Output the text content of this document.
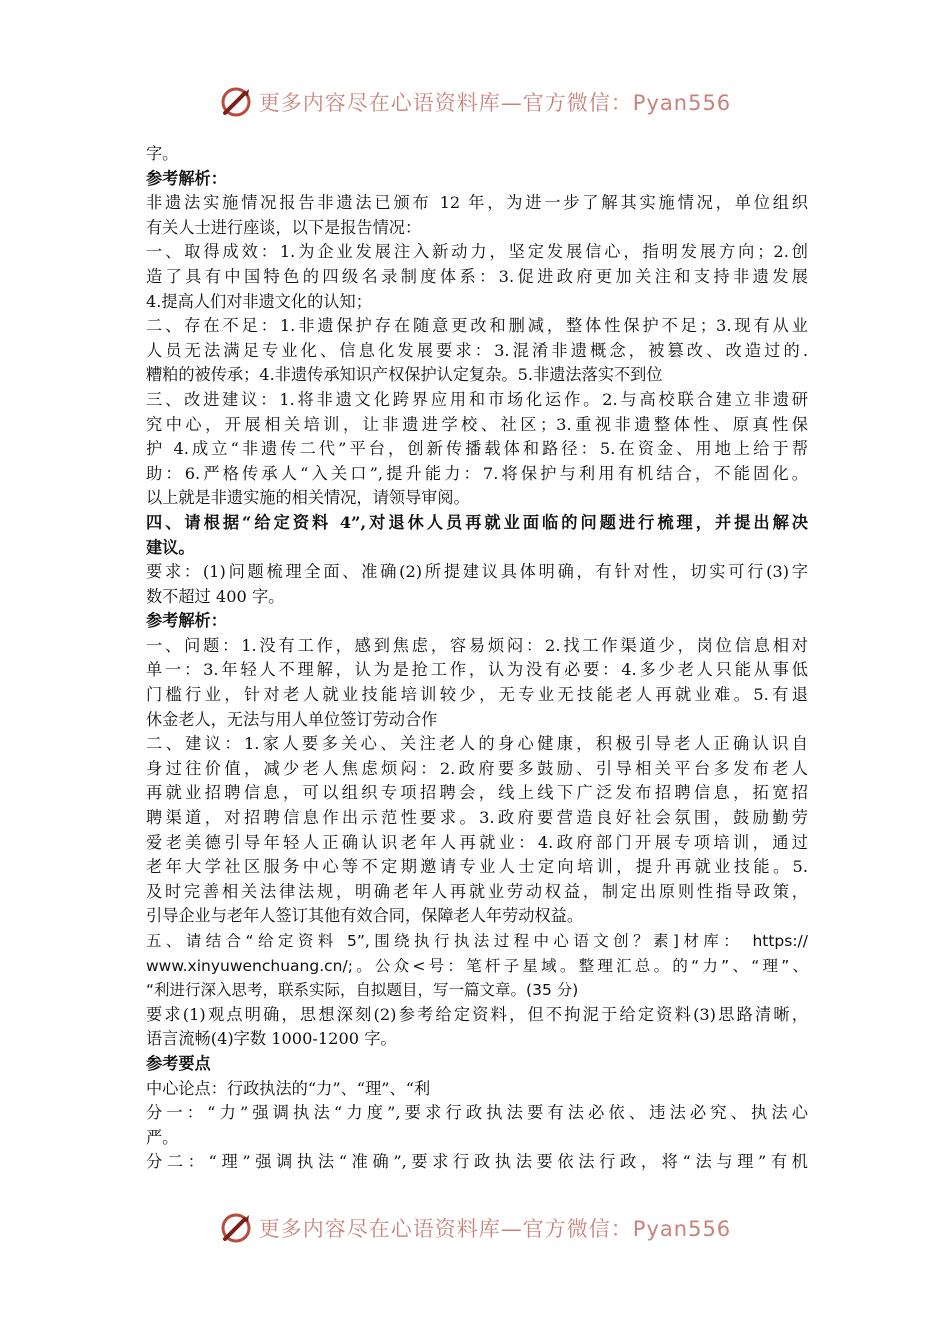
更多内容尽在心语资料库—官方微信：Pyan556
字。
参考解析：
非遗法实施情况报告非遗法已颁布 12 年，为进一步了解其实施情况，单位组织
有关人士进行座谈，以下是报告情况：
一、取得成效：1.为企业发展注入新动力，坚定发展信心，指明发展方向；2.创
造了具有中国特色的四级名录制度体系：3.促进政府更加关注和支持非遗发展
4.提高人们对非遗文化的认知；
二、存在不足：1.非遗保护存在随意更改和删减，整体性保护不足；3.现有从业
人员无法满足专业化、信息化发展要求：3.混淆非遗概念，被篡改、改造过的.
糟粕的被传承；4.非遗传承知识产权保护认定复杂。5.非遗法落实不到位
三、改进建议：1.将非遗文化跨界应用和市场化运作。2.与高校联合建立非遗研
究中心，开展相关培训，让非遗进学校、社区；3.重视非遗整体性、原真性保
护 4.成立“非遗传二代”平台，创新传播载体和路径：5.在资金、用地上给于帮
助：6.严格传承人“入关口”,提升能力：7.将保护与利用有机结合，不能固化。
以上就是非遗实施的相关情况，请领导审阅。
四、请根据“给定资料 4”,对退休人员再就业面临的问题进行梳理，并提出解决
建议。
要求：(1)问题梳理全面、准确(2)所提建议具体明确，有针对性，切实可行(3)字
数不超过 400 字。
参考解析：
一、问题：1.没有工作，感到焦虑，容易烦闷：2.找工作渠道少，岗位信息相对
单一：3.年轻人不理解，认为是抢工作，认为没有必要：4.多少老人只能从事低
门槛行业，针对老人就业技能培训较少，无专业无技能老人再就业难。5.有退
休金老人，无法与用人单位签订劳动合作
二、建议：1.家人要多关心、关注老人的身心健康，积极引导老人正确认识自
身过往价值，减少老人焦虑烦闷：2.政府要多鼓励、引导相关平台多发布老人
再就业招聘信息，可以组织专项招聘会，线上线下广泛发布招聘信息，拓宽招
聘渠道，对招聘信息作出示范性要求。3.政府要营造良好社会氛围，鼓励勤劳
爱老美德引导年轻人正确认识老年人再就业：4.政府部门开展专项培训，通过
老年大学社区服务中心等不定期邀请专业人士定向培训，提升再就业技能。5.
及时完善相关法律法规，明确老年人再就业劳动权益，制定出原则性指导政策，
引导企业与老年人签订其他有效合同，保障老人年劳动权益。
五、请结合“给定资料 5”,围绕执行执法过程中心语文创？素]材库： https://
www.xinyuwenchuang.cn/;。公众<号：笔杆子星域。整理汇总。的“力”、“理”、
“利进行深入思考，联系实际，自拟题目，写一篇文章。(35 分)
要求(1)观点明确，思想深刻(2)参考给定资料，但不拘泥于给定资料(3)思路清晰，
语言流畅(4)字数 1000-1200 字。
参考要点
中心论点：行政执法的“力”、“理”、“利
分一：“力”强调执法“力度”,要求行政执法要有法必依、违法必究、执法心
严。
分二：“理”强调执法“准确”,要求行政执法要依法行政，将“法与理”有机
更多内容尽在心语资料库—官方微信：Pyan556
